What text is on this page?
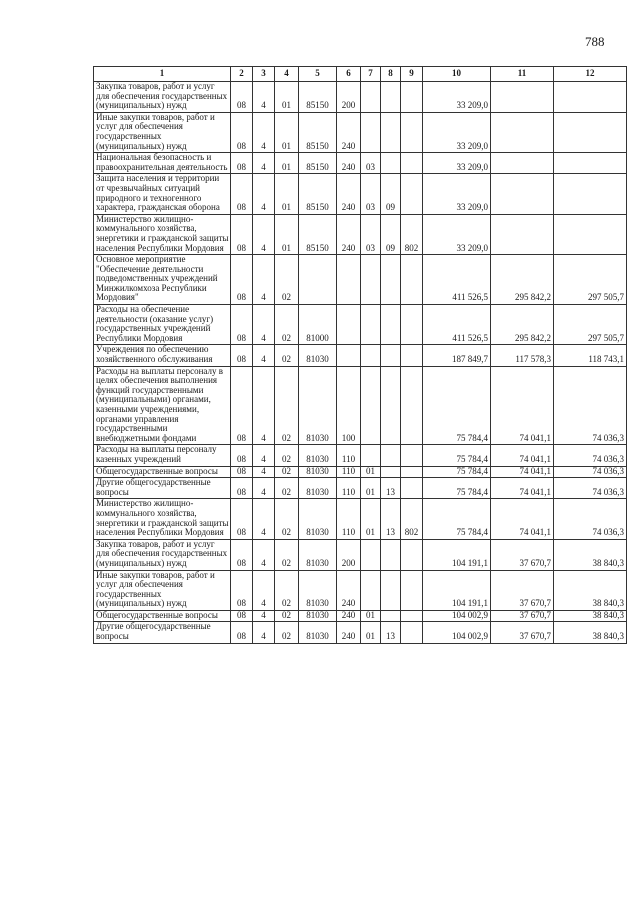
788
1	2	3	4	5	6	7	8	9	10	11	12
Закупка товаров, работ и услуг для обеспечения государственных (муниципальных) нужд	08	4	01	85150	200				33 209,0		
Иные закупки товаров, работ и услуг для обеспечения государственных (муниципальных) нужд	08	4	01	85150	240				33 209,0		
Национальная безопасность и правоохранительная деятельность	08	4	01	85150	240	03			33 209,0		
Защита населения и территории от чрезвычайных ситуаций природного и техногенного характера, гражданская оборона	08	4	01	85150	240	03	09		33 209,0		
Министерство жилищно-коммунального хозяйства, энергетики и гражданской защиты населения Республики Мордовия	08	4	01	85150	240	03	09	802	33 209,0		
Основное мероприятие "Обеспечение деятельности подведомственных учреждений Минжилкомхоза Республики Мордовия"	08	4	02						411 526,5	295 842,2	297 505,7
Расходы на обеспечение деятельности (оказание услуг) государственных учреждений Республики Мордовия	08	4	02	81000					411 526,5	295 842,2	297 505,7
Учреждения по обеспечению хозяйственного обслуживания	08	4	02	81030					187 849,7	117 578,3	118 743,1
Расходы на выплаты персоналу в целях обеспечения выполнения функций государственными (муниципальными) органами, казенными учреждениями, органами управления государственными внебюджетными фондами	08	4	02	81030	100				75 784,4	74 041,1	74 036,3
Расходы на выплаты персоналу казенных учреждений	08	4	02	81030	110				75 784,4	74 041,1	74 036,3
Общегосударственные вопросы	08	4	02	81030	110	01			75 784,4	74 041,1	74 036,3
Другие общегосударственные вопросы	08	4	02	81030	110	01	13		75 784,4	74 041,1	74 036,3
Министерство жилищно-коммунального хозяйства, энергетики и гражданской защиты населения Республики Мордовия	08	4	02	81030	110	01	13	802	75 784,4	74 041,1	74 036,3
Закупка товаров, работ и услуг для обеспечения государственных (муниципальных) нужд	08	4	02	81030	200				104 191,1	37 670,7	38 840,3
Иные закупки товаров, работ и услуг для обеспечения государственных (муниципальных) нужд	08	4	02	81030	240				104 191,1	37 670,7	38 840,3
Общегосударственные вопросы	08	4	02	81030	240	01			104 002,9	37 670,7	38 840,3
Другие общегосударственные вопросы	08	4	02	81030	240	01	13		104 002,9	37 670,7	38 840,3
